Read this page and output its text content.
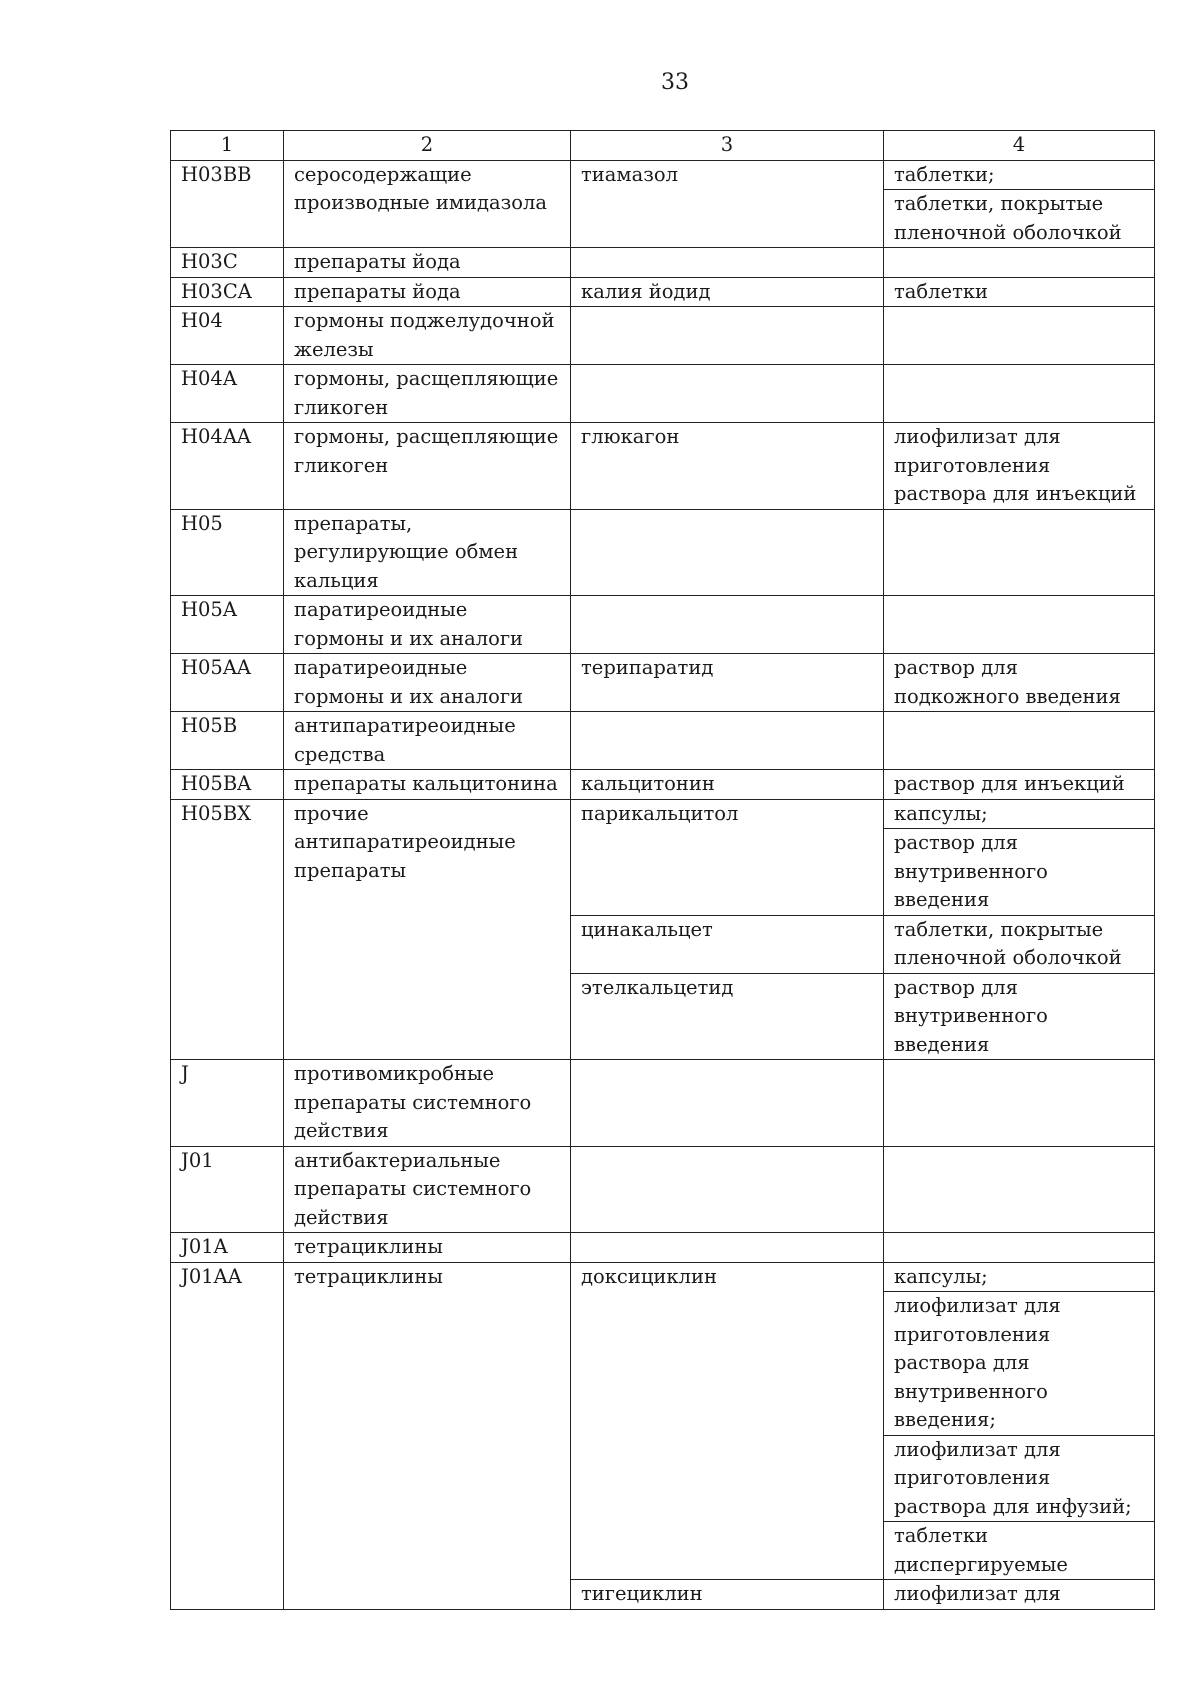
33
1	2	3	4
H03BB	серосодержащие производные имидазола	тиамазол	таблетки;
таблетки, покрытые пленочной оболочкой

H03C	препараты йода		

H03CA	препараты йода	калия йодид	таблетки

H04	гормоны поджелудочной железы		

H04A	гормоны, расщепляющие гликоген		

H04AA	гормоны, расщепляющие гликоген	глюкагон	лиофилизат для приготовления раствора для инъекций

H05	препараты, регулирующие обмен кальция		

H05A	паратиреоидные гормоны и их аналоги		

H05AA	паратиреоидные гормоны и их аналоги	терипаратид	раствор для подкожного введения

H05B	антипаратиреоидные средства		

H05BA	препараты кальцитонина	кальцитонин	раствор для инъекций

H05BX	прочие антипаратиреоидные препараты	парикальцитол	капсулы;
раствор для внутривенного введения

		цинакальцет	таблетки, покрытые пленочной оболочкой

		этелкальцетид	раствор для внутривенного введения

J	противомикробные препараты системного действия		

J01	антибактериальные препараты системного действия		

J01A	тетрациклины		

J01AA	тетрациклины	доксициклин	капсулы;
лиофилизат для приготовления раствора для внутривенного введения;
лиофилизат для приготовления раствора для инфузий;
таблетки диспергируемые

		тигециклин	лиофилизат для
